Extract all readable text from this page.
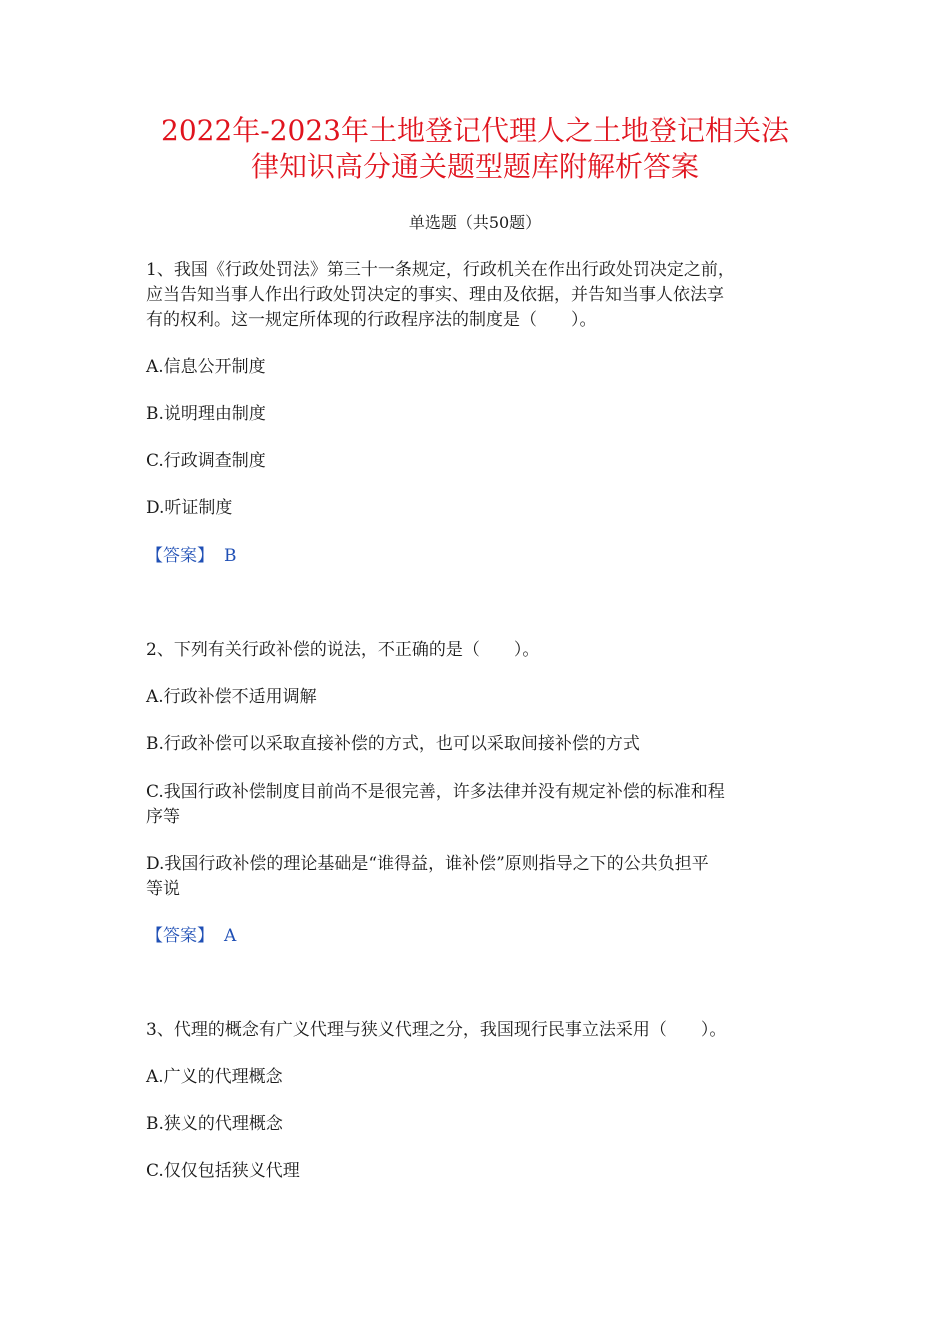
2022年-2023年土地登记代理人之土地登记相关法
律知识高分通关题型题库附解析答案
单选题（共50题）
1、我国《行政处罚法》第三十一条规定，行政机关在作出行政处罚决定之前，
应当告知当事人作出行政处罚决定的事实、理由及依据，并告知当事人依法享
有的权利。这一规定所体现的行政程序法的制度是（　　）。
A.信息公开制度
B.说明理由制度
C.行政调查制度
D.听证制度
【答案】 B
2、下列有关行政补偿的说法，不正确的是（　　）。
A.行政补偿不适用调解
B.行政补偿可以采取直接补偿的方式，也可以采取间接补偿的方式
C.我国行政补偿制度目前尚不是很完善，许多法律并没有规定补偿的标准和程
序等
D.我国行政补偿的理论基础是“谁得益，谁补偿”原则指导之下的公共负担平
等说
【答案】 A
3、代理的概念有广义代理与狭义代理之分，我国现行民事立法采用（　　）。
A.广义的代理概念
B.狭义的代理概念
C.仅仅包括狭义代理
